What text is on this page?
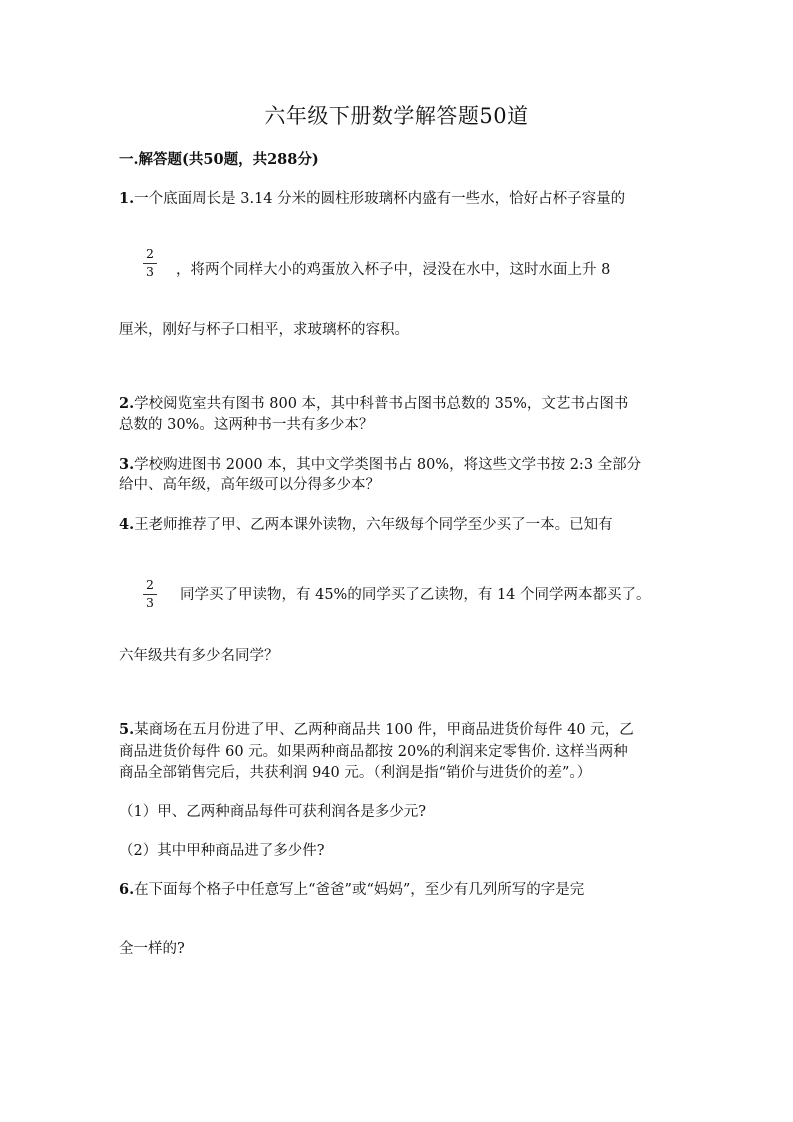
六年级下册数学解答题50道
一.解答题(共50题，共288分)
1.一个底面周长是 3.14 分米的圆柱形玻璃杯内盛有一些水，恰好占杯子容量的
2
3 ，将两个同样大小的鸡蛋放入杯子中，浸没在水中，这时水面上升 8
厘米，刚好与杯子口相平，求玻璃杯的容积。
2.学校阅览室共有图书 800 本，其中科普书占图书总数的 35%，文艺书占图书
总数的 30%。这两种书一共有多少本？
3.学校购进图书 2000 本，其中文学类图书占 80%，将这些文学书按 2:3 全部分
给中、高年级，高年级可以分得多少本？
4.王老师推荐了甲、乙两本课外读物，六年级每个同学至少买了一本。已知有
2
3 同学买了甲读物，有 45%的同学买了乙读物，有 14 个同学两本都买了。
六年级共有多少名同学？
5.某商场在五月份进了甲、乙两种商品共 100 件，甲商品进货价每件 40 元，乙
商品进货价每件 60 元。如果两种商品都按 20%的利润来定零售价. 这样当两种
商品全部销售完后，共获利润 940 元。（利润是指“销价与进货价的差”。）
（1）甲、乙两种商品每件可获利润各是多少元?
（2）其中甲种商品进了多少件?
6.在下面每个格子中任意写上“爸爸”或“妈妈”，至少有几列所写的字是完
全一样的?
